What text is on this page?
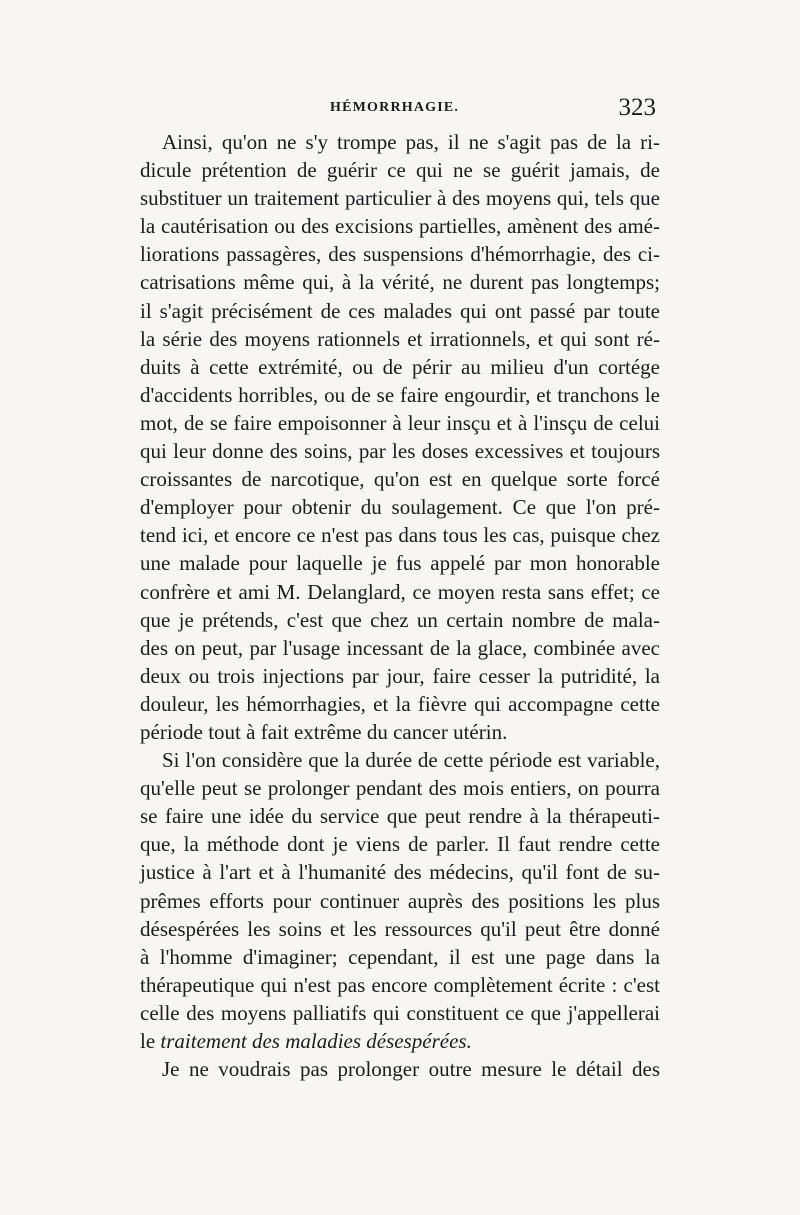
HÉMORRHAGIE.	323
Ainsi, qu'on ne s'y trompe pas, il ne s'agit pas de la ri-
dicule prétention de guérir ce qui ne se guérit jamais, de
substituer un traitement particulier à des moyens qui, tels que
la cautérisation ou des excisions partielles, amènent des amé-
liorations passagères, des suspensions d'hémorrhagie, des ci-
catrisations même qui, à la vérité, ne durent pas longtemps;
il s'agit précisément de ces malades qui ont passé par toute
la série des moyens rationnels et irrationnels, et qui sont ré-
duits à cette extrémité, ou de périr au milieu d'un cortége
d'accidents horribles, ou de se faire engourdir, et tranchons le
mot, de se faire empoisonner à leur insçu et à l'insçu de celui
qui leur donne des soins, par les doses excessives et toujours
croissantes de narcotique, qu'on est en quelque sorte forcé
d'employer pour obtenir du soulagement. Ce que l'on pré-
tend ici, et encore ce n'est pas dans tous les cas, puisque chez
une malade pour laquelle je fus appelé par mon honorable
confrère et ami M. Delanglard, ce moyen resta sans effet; ce
que je prétends, c'est que chez un certain nombre de mala-
des on peut, par l'usage incessant de la glace, combinée avec
deux ou trois injections par jour, faire cesser la putridité, la
douleur, les hémorrhagies, et la fièvre qui accompagne cette
période tout à fait extrême du cancer utérin.
Si l'on considère que la durée de cette période est variable,
qu'elle peut se prolonger pendant des mois entiers, on pourra
se faire une idée du service que peut rendre à la thérapeuti-
que, la méthode dont je viens de parler. Il faut rendre cette
justice à l'art et à l'humanité des médecins, qu'il font de su-
prêmes efforts pour continuer auprès des positions les plus
désespérées les soins et les ressources qu'il peut être donné
à l'homme d'imaginer; cependant, il est une page dans la
thérapeutique qui n'est pas encore complètement écrite : c'est
celle des moyens palliatifs qui constituent ce que j'appellerai
le traitement des maladies désespérées.
Je ne voudrais pas prolonger outre mesure le détail des
